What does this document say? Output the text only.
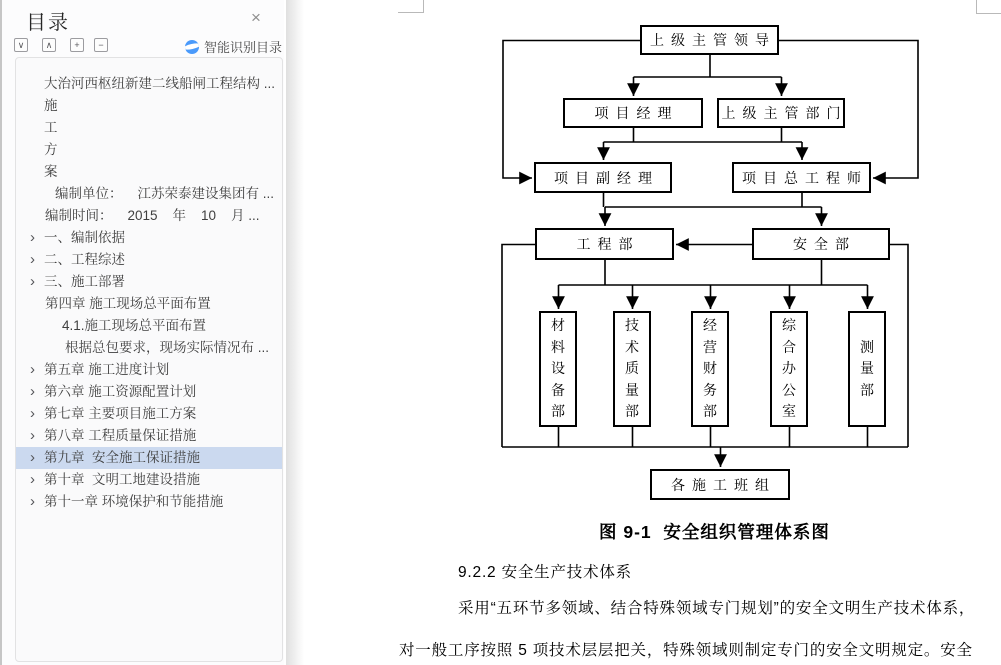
目录	×
∨	∧	+	−	智能识别目录
大治河西枢纽新建二线船闸工程结构 ...
施
工
方
案
编制单位：    江苏荣泰建设集团有 ...
编制时间：    2015    年    10    月 ...
› 一、编制依据
› 二、工程综述
› 三、施工部署
第四章 施工现场总平面布置
4.1.施工现场总平面布置
根据总包要求，现场实际情况布 ...
› 第五章 施工进度计划
› 第六章 施工资源配置计划
› 第七章 主要项目施工方案
› 第八章 工程质量保证措施
› 第九章  安全施工保证措施
› 第十章  文明工地建设措施
› 第十一章 环境保护和节能措施
上级主管领导
项目经理	上级主管部门
项目副经理	项目总工程师
工程部	安全部
材料设备部
技术质量部
经营财务部
综合办公室
测量部
各施工班组
图 9-1  安全组织管理体系图
9.2.2 安全生产技术体系
采用“五环节多领域、结合特殊领域专门规划”的安全文明生产技术体系，
对一般工序按照 5 项技术层层把关，特殊领域则制定专门的安全文明规定。安全
